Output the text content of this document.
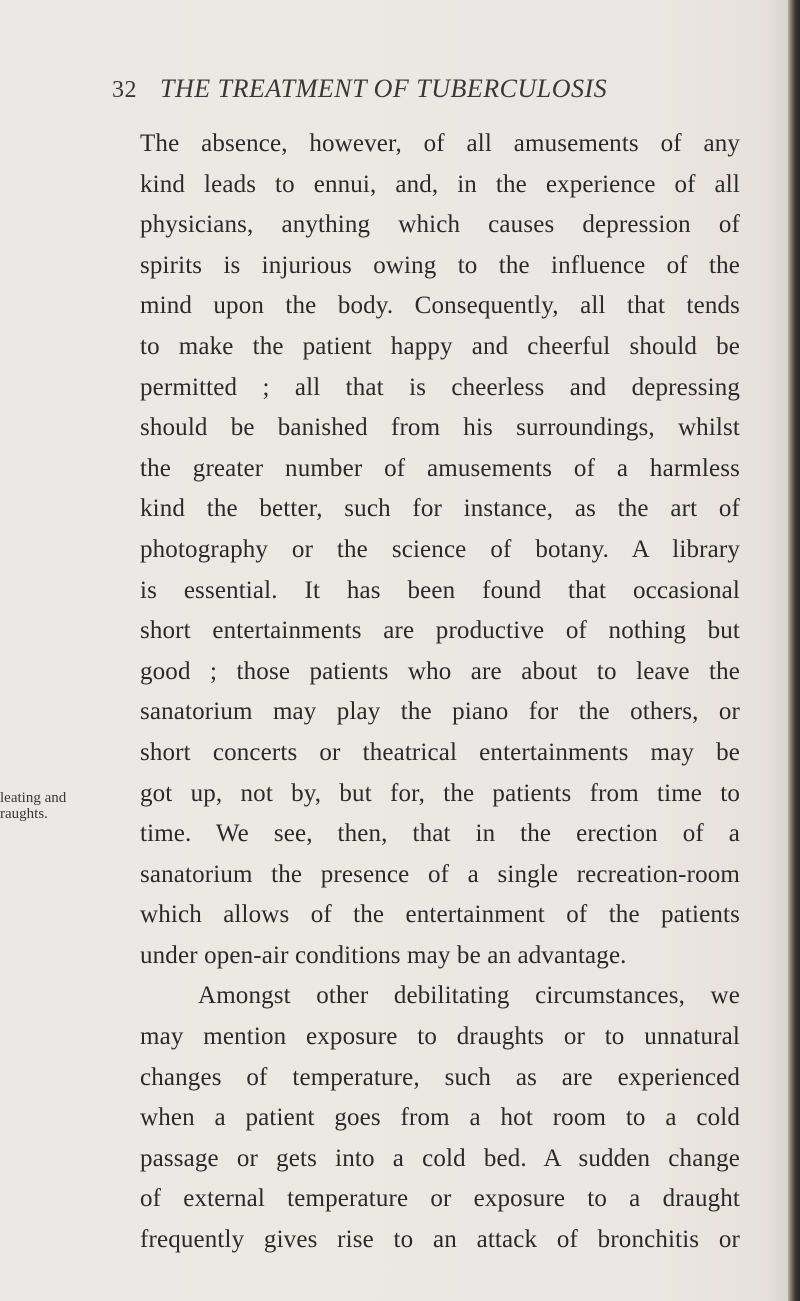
32 THE TREATMENT OF TUBERCULOSIS
leating and
raughts.
The absence, however, of all amusements of any
kind leads to ennui, and, in the experience of all
physicians, anything which causes depression of
spirits is injurious owing to the influence of the
mind upon the body. Consequently, all that tends
to make the patient happy and cheerful should be
permitted ; all that is cheerless and depressing
should be banished from his surroundings, whilst
the greater number of amusements of a harmless
kind the better, such for instance, as the art of
photography or the science of botany. A library
is essential. It has been found that occasional
short entertainments are productive of nothing but
good ; those patients who are about to leave the
sanatorium may play the piano for the others, or
short concerts or theatrical entertainments may be
got up, not by, but for, the patients from time to
time. We see, then, that in the erection of a
sanatorium the presence of a single recreation-room
which allows of the entertainment of the patients
under open-air conditions may be an advantage.
Amongst other debilitating circumstances, we
may mention exposure to draughts or to unnatural
changes of temperature, such as are experienced
when a patient goes from a hot room to a cold
passage or gets into a cold bed. A sudden change
of external temperature or exposure to a draught
frequently gives rise to an attack of bronchitis or
